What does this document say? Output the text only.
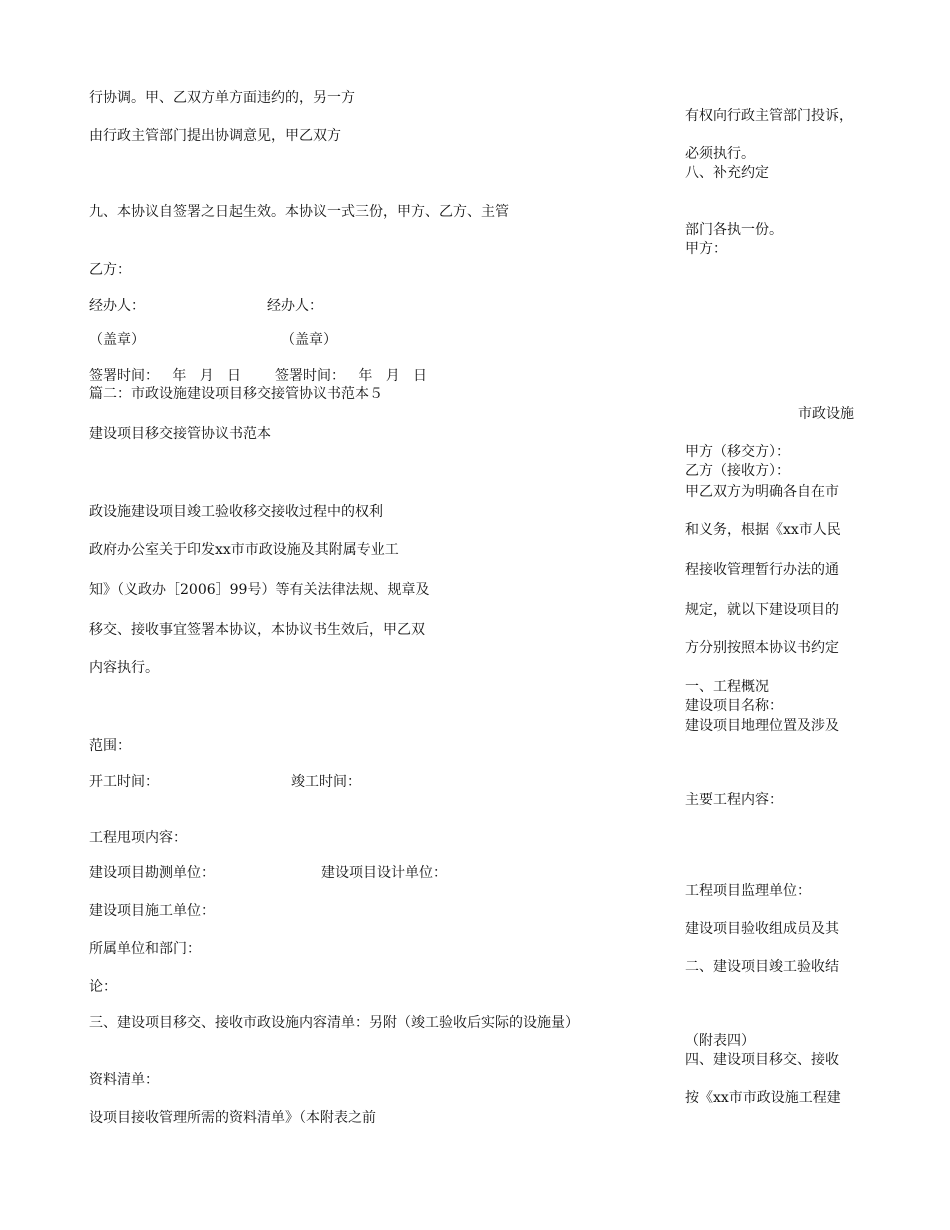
行协调。甲、乙双方单方面违约的，另一方
有权向行政主管部门投诉，
由行政主管部门提出协调意见，甲乙双方
必须执行。
八、补充约定
九、本协议自签署之日起生效。本协议一式三份，甲方、乙方、主管
部门各执一份。
甲方：
乙方：
经办人：	经办人：
（盖章）	（盖章）
签署时间：   年   月   日 签署时间：   年   月   日
篇二：市政设施建设项目移交接管协议书范本５
市政设施
建设项目移交接管协议书范本
甲方（移交方）：
乙方（接收方）：
甲乙双方为明确各自在市
政设施建设项目竣工验收移交接收过程中的权利
和义务，根据《xx市人民
政府办公室关于印发xx市市政设施及其附属专业工
程接收管理暂行办法的通
知》（义政办［2006］99号）等有关法律法规、规章及
规定，就以下建设项目的
移交、接收事宜签署本协议，本协议书生效后，甲乙双
方分别按照本协议书约定
内容执行。
一、工程概况
建设项目名称：
建设项目地理位置及涉及
范围：
开工时间：	竣工时间：
主要工程内容：
工程甩项内容：
建设项目勘测单位：	建设项目设计单位：
工程项目监理单位：
建设项目施工单位：
建设项目验收组成员及其
所属单位和部门：
二、建设项目竣工验收结
论：
三、建设项目移交、接收市政设施内容清单：另附（竣工验收后实际的设施量）
（附表四）
四、建设项目移交、接收
资料清单：
按《xx市市政设施工程建
设项目接收管理所需的资料清单》（本附表之前
